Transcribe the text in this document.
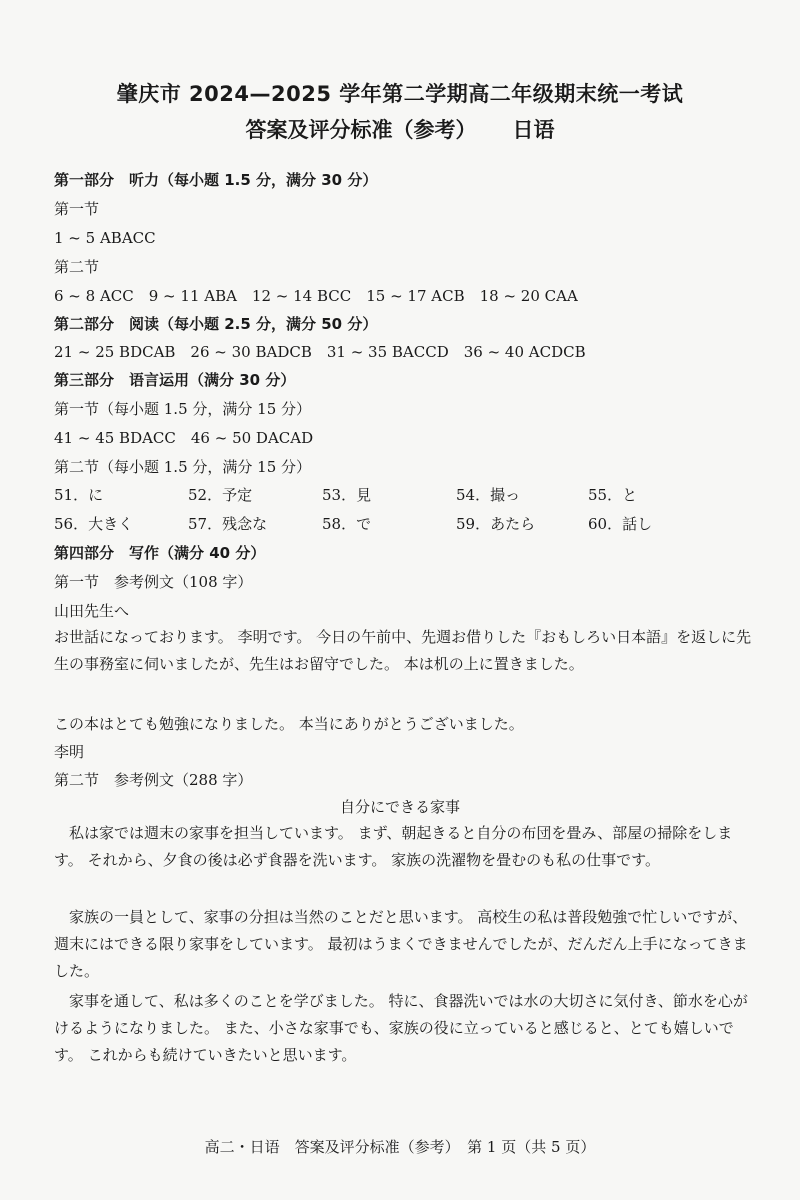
肇庆市 2024—2025 学年第二学期高二年级期末统一考试
答案及评分标准（参考） 日语
第一部分　听力（每小题 1.5 分，满分 30 分）
第一节
1 ~ 5 ABACC
第二节
6 ~ 8 ACC　9 ~ 11 ABA　12 ~ 14 BCC　15 ~ 17 ACB　18 ~ 20 CAA
第二部分　阅读（每小题 2.5 分，满分 50 分）
21 ~ 25 BDCAB　26 ~ 30 BADCB　31 ~ 35 BACCD　36 ~ 40 ACDCB
第三部分　语言运用（满分 30 分）
第一节（每小题 1.5 分，满分 15 分）
41 ~ 45 BDACC　46 ~ 50 DACAD
第二节（每小题 1.5 分，满分 15 分）
51．に	52．予定	53．見	54．撮っ	55．と
56．大きく	57．残念な	58．で	59．あたら	60．話し
第四部分　写作（满分 40 分）
第一节　参考例文（108 字）
山田先生へ
お世話になっております。 李明です。 今日の午前中、先週お借りした『おもしろい日本語』を返しに先生の事務室に伺いましたが、先生はお留守でした。 本は机の上に置きました。
この本はとても勉強になりました。 本当にありがとうございました。
李明
第二节　参考例文（288 字）
自分にできる家事
私は家では週末の家事を担当しています。 まず、朝起きると自分の布団を畳み、部屋の掃除をします。 それから、夕食の後は必ず食器を洗います。 家族の洗濯物を畳むのも私の仕事です。
家族の一員として、家事の分担は当然のことだと思います。 高校生の私は普段勉強で忙しいですが、週末にはできる限り家事をしています。 最初はうまくできませんでしたが、だんだん上手になってきました。
家事を通して、私は多くのことを学びました。 特に、食器洗いでは水の大切さに気付き、節水を心がけるようになりました。 また、小さな家事でも、家族の役に立っていると感じると、とても嬉しいです。 これからも続けていきたいと思います。
高二・日语　答案及评分标准（参考）　第 1 页（共 5 页）
